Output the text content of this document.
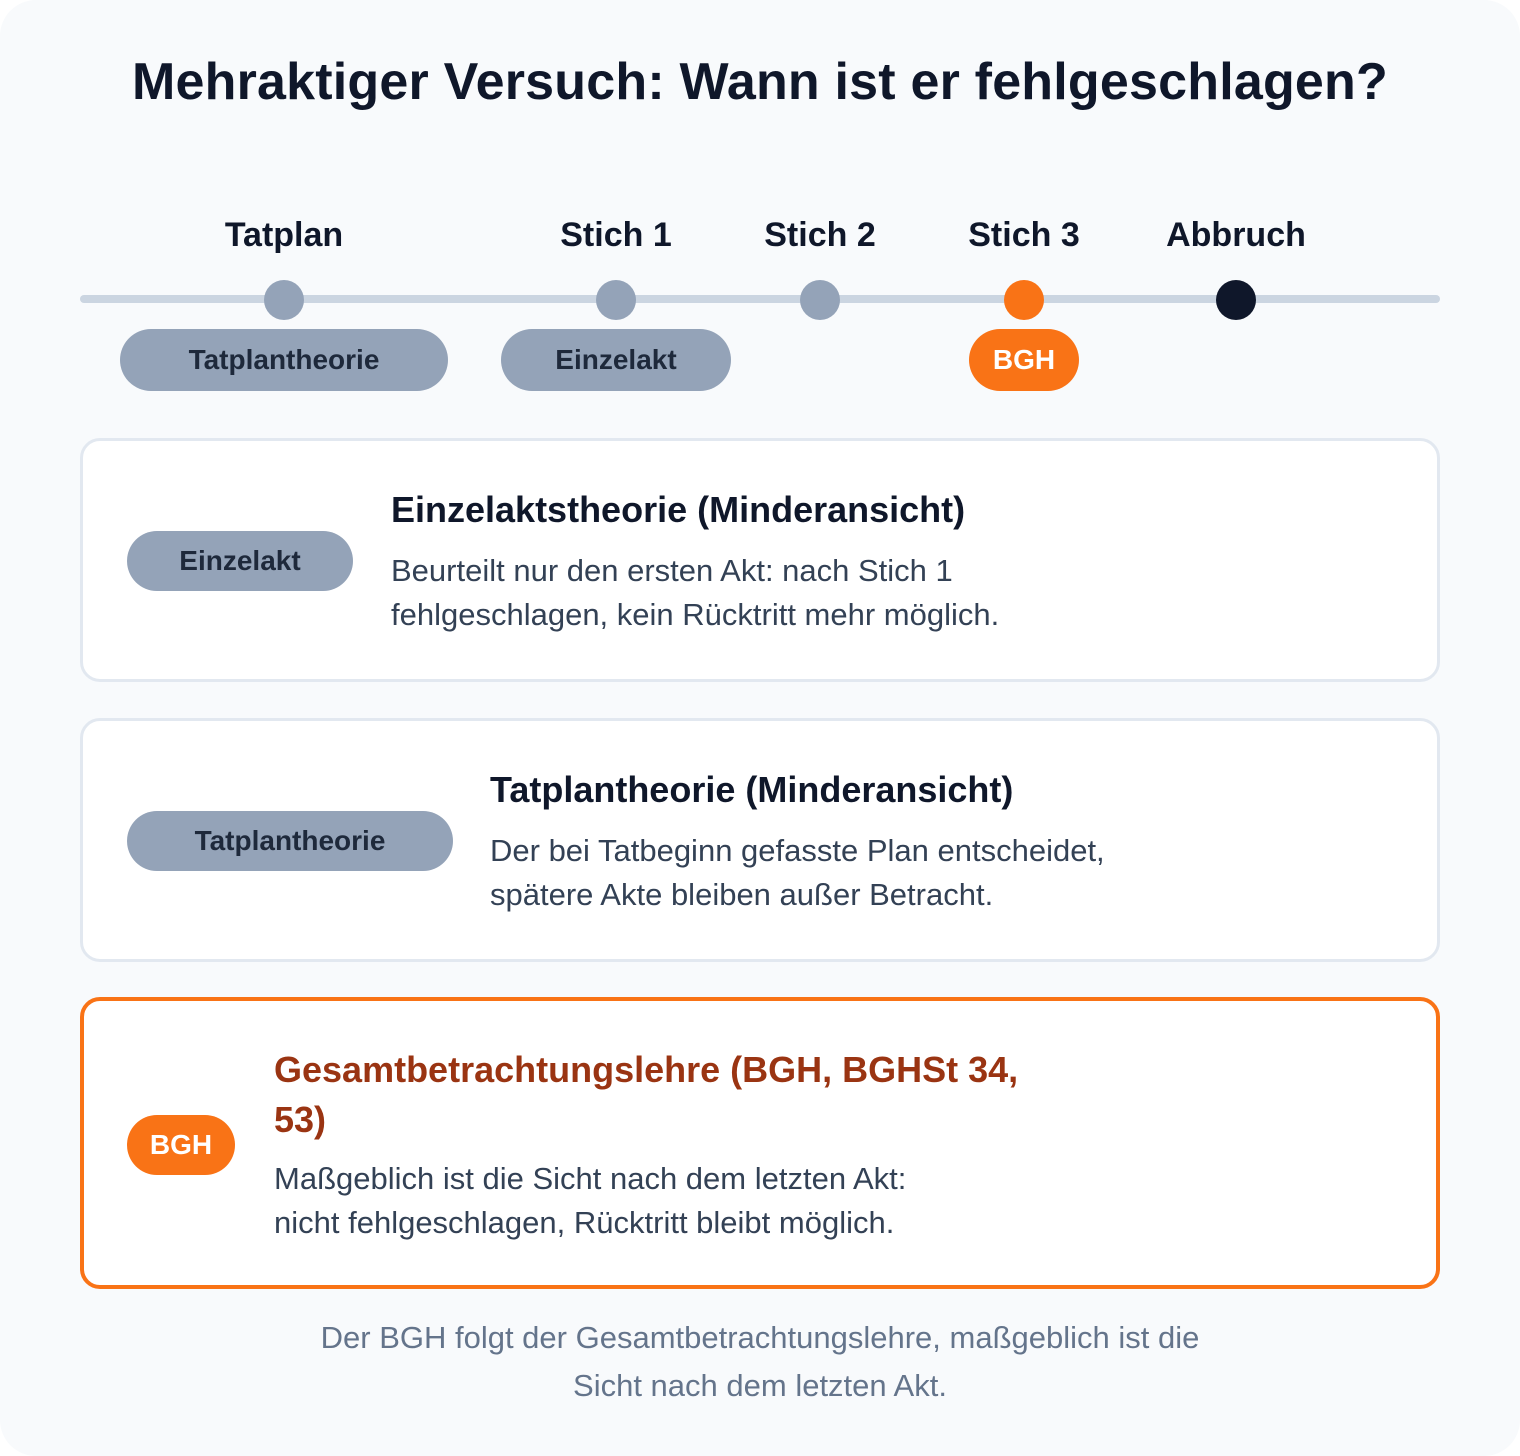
Mehraktiger Versuch: Wann ist er fehlgeschlagen?
Tatplan	Stich 1	Stich 2	Stich 3	Abbruch
Tatplantheorie	Einzelakt	BGH
Einzelakt
Einzelaktstheorie (Minderansicht)
Beurteilt nur den ersten Akt: nach Stich 1
fehlgeschlagen, kein Rücktritt mehr möglich.
Tatplantheorie
Tatplantheorie (Minderansicht)
Der bei Tatbeginn gefasste Plan entscheidet,
spätere Akte bleiben außer Betracht.
BGH
Gesamtbetrachtungslehre (BGH, BGHSt 34,
53)
Maßgeblich ist die Sicht nach dem letzten Akt:
nicht fehlgeschlagen, Rücktritt bleibt möglich.
Der BGH folgt der Gesamtbetrachtungslehre, maßgeblich ist die
Sicht nach dem letzten Akt.
